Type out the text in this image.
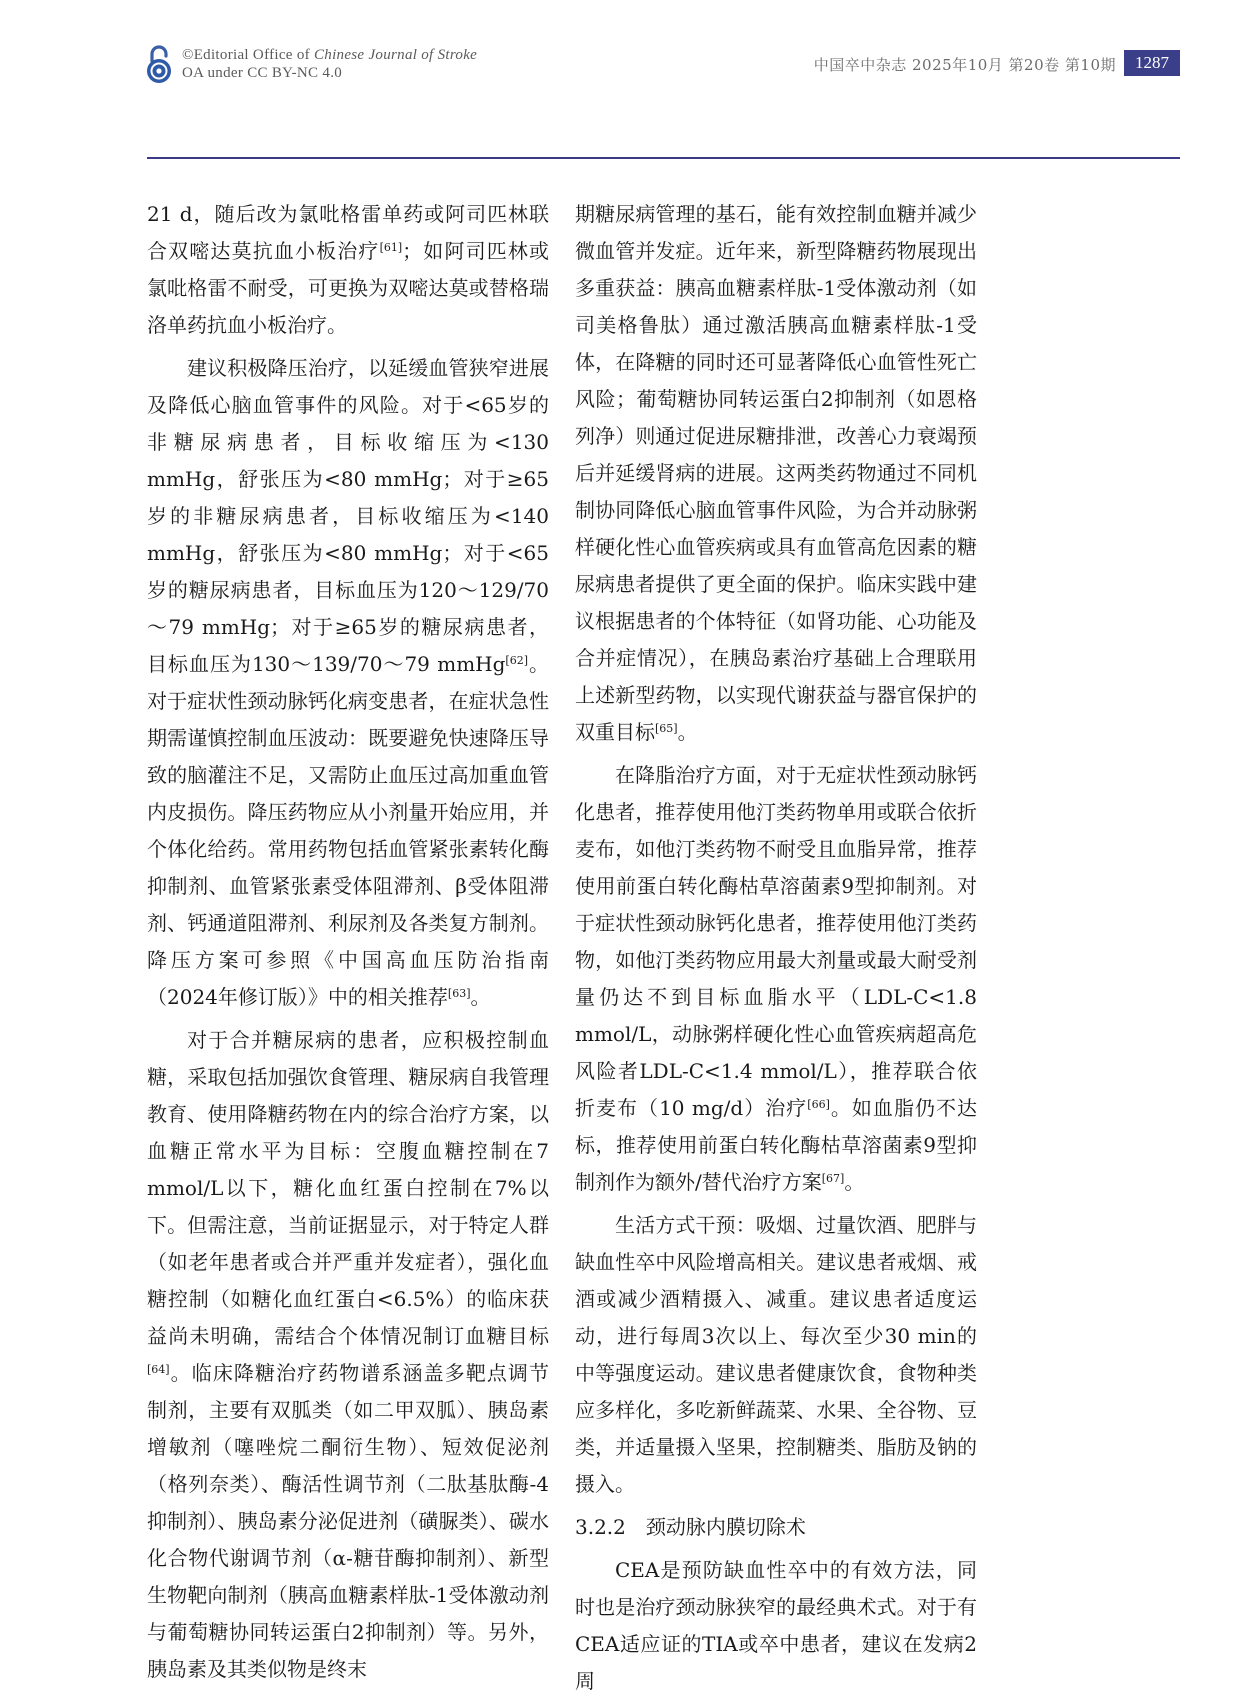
©Editorial Office of Chinese Journal of Stroke
OA under CC BY-NC 4.0	中国卒中杂志 2025年10月 第20卷 第10期	1287

21 d，随后改为氯吡格雷单药或阿司匹林联合双嘧达莫抗血小板治疗[61]；如阿司匹林或氯吡格雷不耐受，可更换为双嘧达莫或替格瑞洛单药抗血小板治疗。

建议积极降压治疗，以延缓血管狭窄进展及降低心脑血管事件的风险。对于<65岁的非糖尿病患者，目标收缩压为<130 mmHg，舒张压为<80 mmHg；对于≥65岁的非糖尿病患者，目标收缩压为<140 mmHg，舒张压为<80 mmHg；对于<65岁的糖尿病患者，目标血压为120～129/70～79 mmHg；对于≥65岁的糖尿病患者，目标血压为130～139/70～79 mmHg[62]。对于症状性颈动脉钙化病变患者，在症状急性期需谨慎控制血压波动：既要避免快速降压导致的脑灌注不足，又需防止血压过高加重血管内皮损伤。降压药物应从小剂量开始应用，并个体化给药。常用药物包括血管紧张素转化酶抑制剂、血管紧张素受体阻滞剂、β受体阻滞剂、钙通道阻滞剂、利尿剂及各类复方制剂。降压方案可参照《中国高血压防治指南（2024年修订版）》中的相关推荐[63]。

对于合并糖尿病的患者，应积极控制血糖，采取包括加强饮食管理、糖尿病自我管理教育、使用降糖药物在内的综合治疗方案，以血糖正常水平为目标：空腹血糖控制在7 mmol/L以下，糖化血红蛋白控制在7%以下。但需注意，当前证据显示，对于特定人群（如老年患者或合并严重并发症者），强化血糖控制（如糖化血红蛋白<6.5%）的临床获益尚未明确，需结合个体情况制订血糖目标[64]。临床降糖治疗药物谱系涵盖多靶点调节制剂，主要有双胍类（如二甲双胍）、胰岛素增敏剂（噻唑烷二酮衍生物）、短效促泌剂（格列奈类）、酶活性调节剂（二肽基肽酶-4抑制剂）、胰岛素分泌促进剂（磺脲类）、碳水化合物代谢调节剂（α-糖苷酶抑制剂）、新型生物靶向制剂（胰高血糖素样肽-1受体激动剂与葡萄糖协同转运蛋白2抑制剂）等。另外，胰岛素及其类似物是终末

期糖尿病管理的基石，能有效控制血糖并减少微血管并发症。近年来，新型降糖药物展现出多重获益：胰高血糖素样肽-1受体激动剂（如司美格鲁肽）通过激活胰高血糖素样肽-1受体，在降糖的同时还可显著降低心血管性死亡风险；葡萄糖协同转运蛋白2抑制剂（如恩格列净）则通过促进尿糖排泄，改善心力衰竭预后并延缓肾病的进展。这两类药物通过不同机制协同降低心脑血管事件风险，为合并动脉粥样硬化性心血管疾病或具有血管高危因素的糖尿病患者提供了更全面的保护。临床实践中建议根据患者的个体特征（如肾功能、心功能及合并症情况），在胰岛素治疗基础上合理联用上述新型药物，以实现代谢获益与器官保护的双重目标[65]。

在降脂治疗方面，对于无症状性颈动脉钙化患者，推荐使用他汀类药物单用或联合依折麦布，如他汀类药物不耐受且血脂异常，推荐使用前蛋白转化酶枯草溶菌素9型抑制剂。对于症状性颈动脉钙化患者，推荐使用他汀类药物，如他汀类药物应用最大剂量或最大耐受剂量仍达不到目标血脂水平（LDL-C<1.8 mmol/L，动脉粥样硬化性心血管疾病超高危风险者LDL-C<1.4 mmol/L），推荐联合依折麦布（10 mg/d）治疗[66]。如血脂仍不达标，推荐使用前蛋白转化酶枯草溶菌素9型抑制剂作为额外/替代治疗方案[67]。

生活方式干预：吸烟、过量饮酒、肥胖与缺血性卒中风险增高相关。建议患者戒烟、戒酒或减少酒精摄入、减重。建议患者适度运动，进行每周3次以上、每次至少30 min的中等强度运动。建议患者健康饮食，食物种类应多样化，多吃新鲜蔬菜、水果、全谷物、豆类，并适量摄入坚果，控制糖类、脂肪及钠的摄入。

3.2.2　颈动脉内膜切除术

CEA是预防缺血性卒中的有效方法，同时也是治疗颈动脉狭窄的最经典术式。对于有CEA适应证的TIA或卒中患者，建议在发病2周
